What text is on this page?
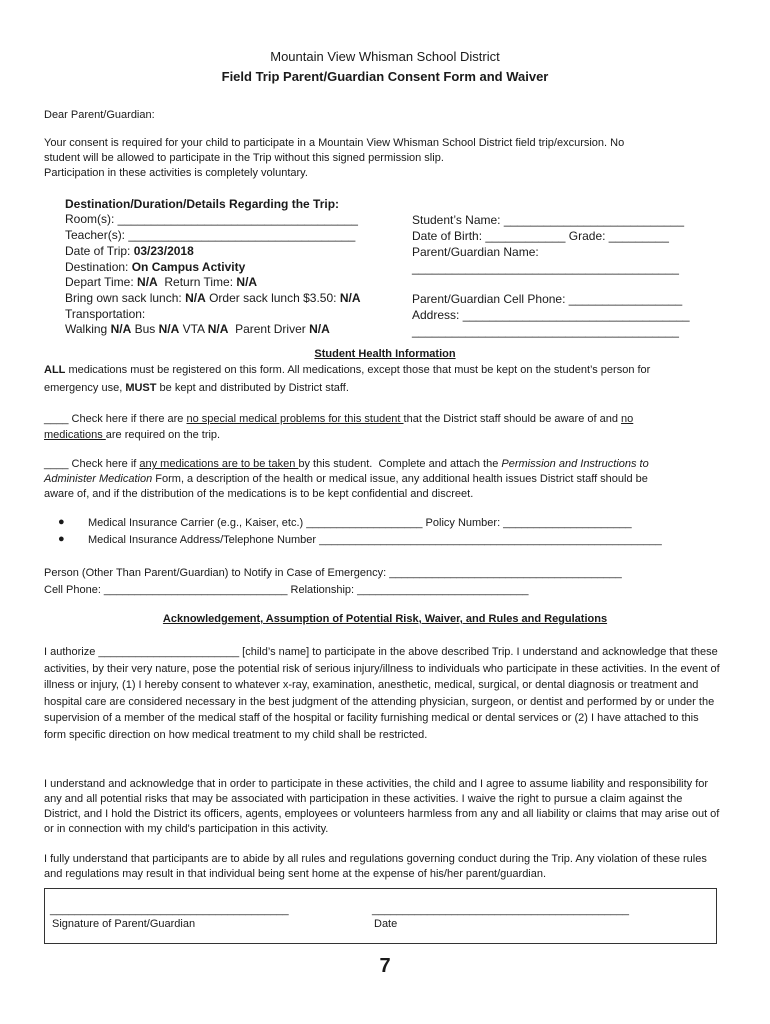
Mountain View Whisman School District
Field Trip Parent/Guardian Consent Form and Waiver
Dear Parent/Guardian:
Your consent is required for your child to participate in a Mountain View Whisman School District field trip/excursion. No
student will be allowed to participate in the Trip without this signed permission slip.
Participation in these activities is completely voluntary.
Destination/Duration/Details Regarding the Trip:
Room(s): ____________________________________
Teacher(s): __________________________________
Date of Trip: 03/23/2018
Destination: On Campus Activity
Depart Time: N/A  Return Time: N/A
Bring own sack lunch: N/A Order sack lunch $3.50: N/A
Transportation:
Walking N/A Bus N/A VTA N/A  Parent Driver N/A
Student’s Name: ___________________________
Date of Birth: ____________ Grade: _________
Parent/Guardian Name:
________________________________________
Parent/Guardian Cell Phone: _________________
Address: __________________________________
________________________________________
Student Health Information
ALL medications must be registered on this form. All medications, except those that must be kept on the student’s person for
emergency use, MUST be kept and distributed by District staff.
____ Check here if there are no special medical problems for this student that the District staff should be aware of and no
medications are required on the trip.
____ Check here if any medications are to be taken by this student.  Complete and attach the Permission and Instructions to
Administer Medication Form, a description of the health or medical issue, any additional health issues District staff should be
aware of, and if the distribution of the medications is to be kept confidential and discreet.
● Medical Insurance Carrier (e.g., Kaiser, etc.) ___________________ Policy Number: _____________________
● Medical Insurance Address/Telephone Number ________________________________________________________
Person (Other Than Parent/Guardian) to Notify in Case of Emergency: ______________________________________
Cell Phone: ______________________________ Relationship: ____________________________
Acknowledgement, Assumption of Potential Risk, Waiver, and Rules and Regulations
I authorize _______________________ [child’s name] to participate in the above described Trip. I understand and acknowledge that these activities, by their very nature, pose the potential risk of serious injury/illness to individuals who participate in these activities. In the event of illness or injury, (1) I hereby consent to whatever x-ray, examination, anesthetic, medical, surgical, or dental diagnosis or treatment and hospital care are considered necessary in the best judgment of the attending physician, surgeon, or dentist and performed by or under the supervision of a member of the medical staff of the hospital or facility furnishing medical or dental services or (2) I have attached to this form specific direction on how medical treatment to my child shall be restricted.
I understand and acknowledge that in order to participate in these activities, the child and I agree to assume liability and responsibility for any and all potential risks that may be associated with participation in these activities. I waive the right to pursue a claim against the District, and I hold the District its officers, agents, employees or volunteers harmless from any and all liability or claims that may arise out of or in connection with my child's participation in this activity.
I fully understand that participants are to abide by all rules and regulations governing conduct during the Trip. Any violation of these rules and regulations may result in that individual being sent home at the expense of his/her parent/guardian.
_______________________________________
Signature of Parent/Guardian
__________________________________________
Date
7
